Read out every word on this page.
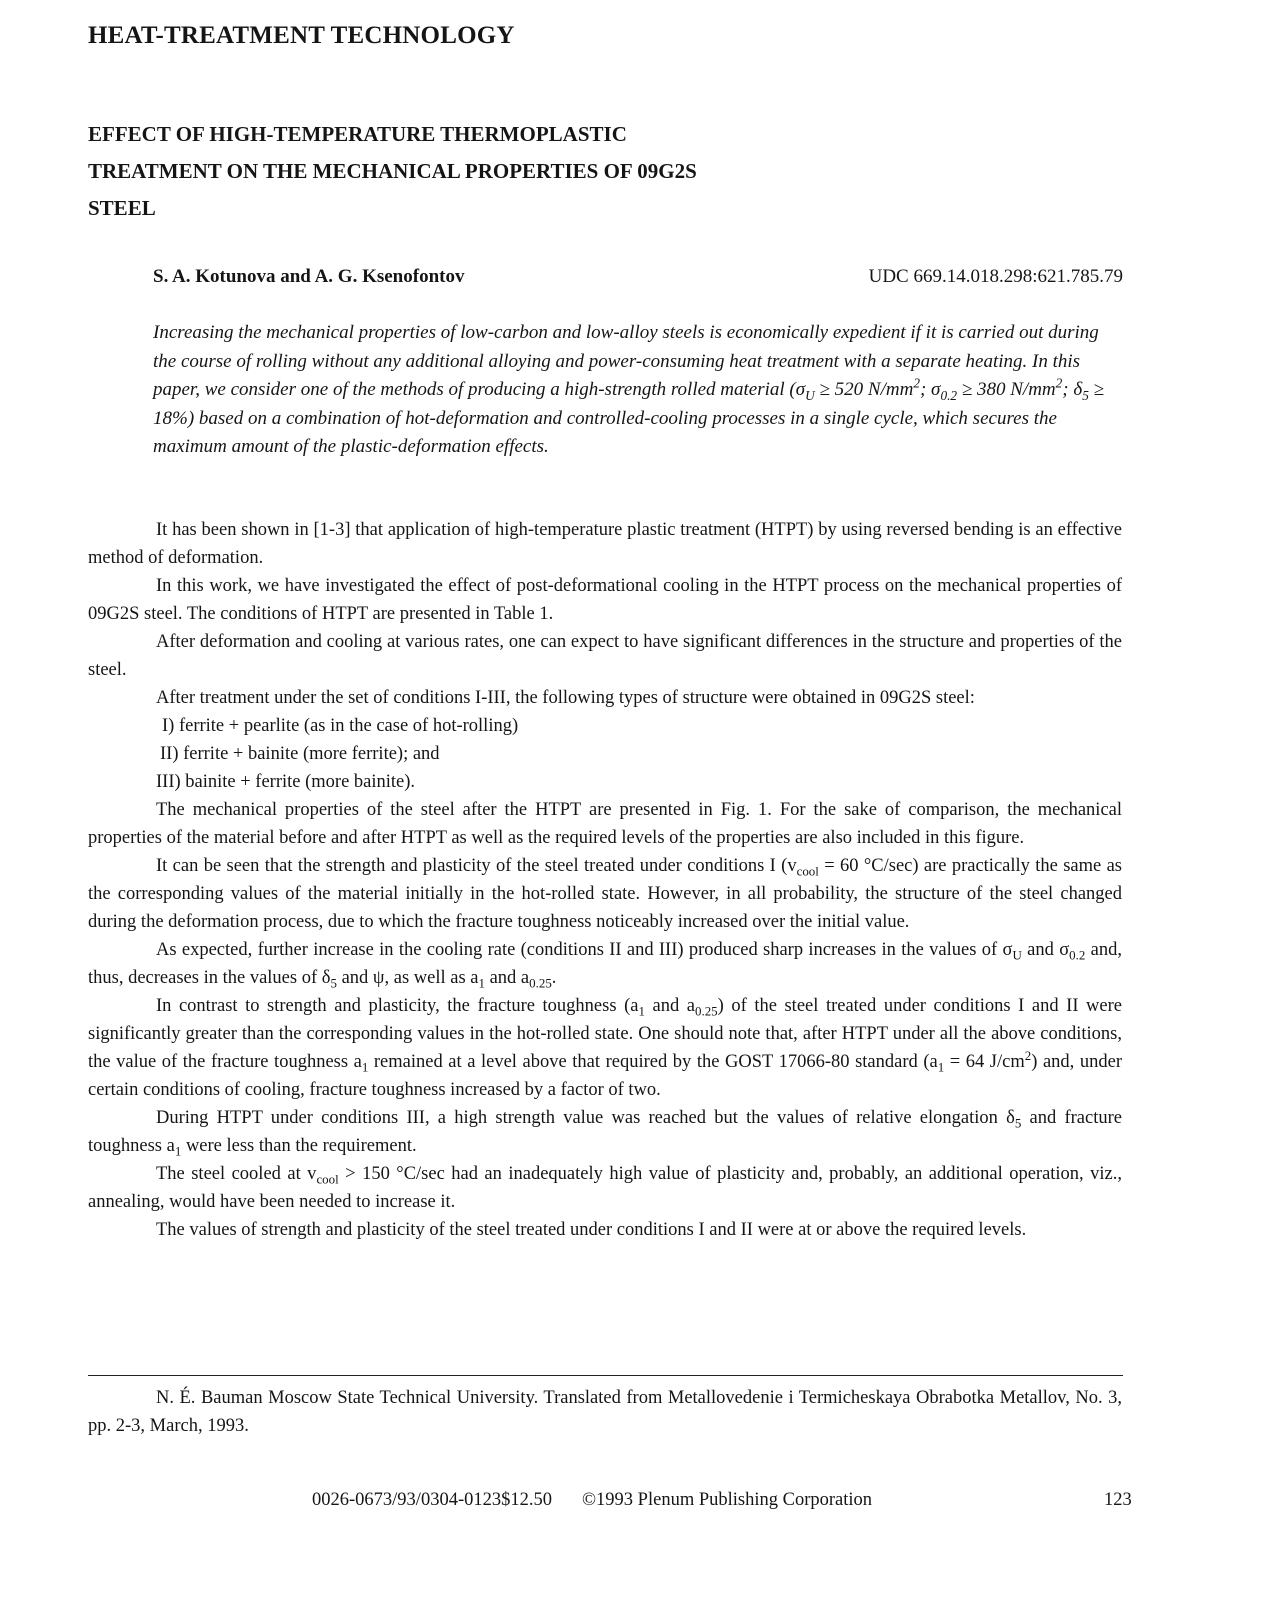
HEAT-TREATMENT TECHNOLOGY
EFFECT OF HIGH-TEMPERATURE THERMOPLASTIC
TREATMENT ON THE MECHANICAL PROPERTIES OF 09G2S
STEEL
S. A. Kotunova and A. G. Ksenofontov	UDC 669.14.018.298:621.785.79
Increasing the mechanical properties of low-carbon and low-alloy steels is economically expedient if it is carried out during the course of rolling without any additional alloying and power-consuming heat treatment with a separate heating. In this paper, we consider one of the methods of producing a high-strength rolled material ($\sigma_U \ge 520$ $N/mm^2$; $\sigma_{0.2} \ge 380$ $N/mm^2$; $\delta_5 \ge 18\%$) based on a combination of hot-deformation and controlled-cooling processes in a single cycle, which secures the maximum amount of the plastic-deformation effects.

It has been shown in [1-3] that application of high-temperature plastic treatment (HTPT) by using reversed bending is an effective method of deformation.

In this work, we have investigated the effect of post-deformational cooling in the HTPT process on the mechanical properties of 09G2S steel. The conditions of HTPT are presented in Table 1.

After deformation and cooling at various rates, one can expect to have significant differences in the structure and properties of the steel.

After treatment under the set of conditions I-III, the following types of structure were obtained in 09G2S steel:

I) ferrite + pearlite (as in the case of hot-rolling)

II) ferrite + bainite (more ferrite); and

III) bainite + ferrite (more bainite).

The mechanical properties of the steel after the HTPT are presented in Fig. 1. For the sake of comparison, the mechanical properties of the material before and after HTPT as well as the required levels of the properties are also included in this figure.

It can be seen that the strength and plasticity of the steel treated under conditions I ($v_{cool} = 60$ °C/sec) are practically the same as the corresponding values of the material initially in the hot-rolled state. However, in all probability, the structure of the steel changed during the deformation process, due to which the fracture toughness noticeably increased over the initial value.

As expected, further increase in the cooling rate (conditions II and III) produced sharp increases in the values of $\sigma_U$ and $\sigma_{0.2}$ and, thus, decreases in the values of $\delta_5$ and ψ, as well as $a_1$ and $a_{0.25}$.

In contrast to strength and plasticity, the fracture toughness ($a_1$ and $a_{0.25}$) of the steel treated under conditions I and II were significantly greater than the corresponding values in the hot-rolled state. One should note that, after HTPT under all the above conditions, the value of the fracture toughness $a_1$ remained at a level above that required by the GOST 17066-80 standard ($a_1 = 64$ $J/cm^2$) and, under certain conditions of cooling, fracture toughness increased by a factor of two.

During HTPT under conditions III, a high strength value was reached but the values of relative elongation $\delta_5$ and fracture toughness $a_1$ were less than the requirement.

The steel cooled at $v_{cool} > 150$ °C/sec had an inadequately high value of plasticity and, probably, an additional operation, viz., annealing, would have been needed to increase it.

The values of strength and plasticity of the steel treated under conditions I and II were at or above the required levels.

N. É. Bauman Moscow State Technical University. Translated from Metallovedenie i Termicheskaya Obrabotka Metallov, No. 3, pp. 2-3, March, 1993.
0026-0673/93/0304-0123$12.50 ©1993 Plenum Publishing Corporation	123
